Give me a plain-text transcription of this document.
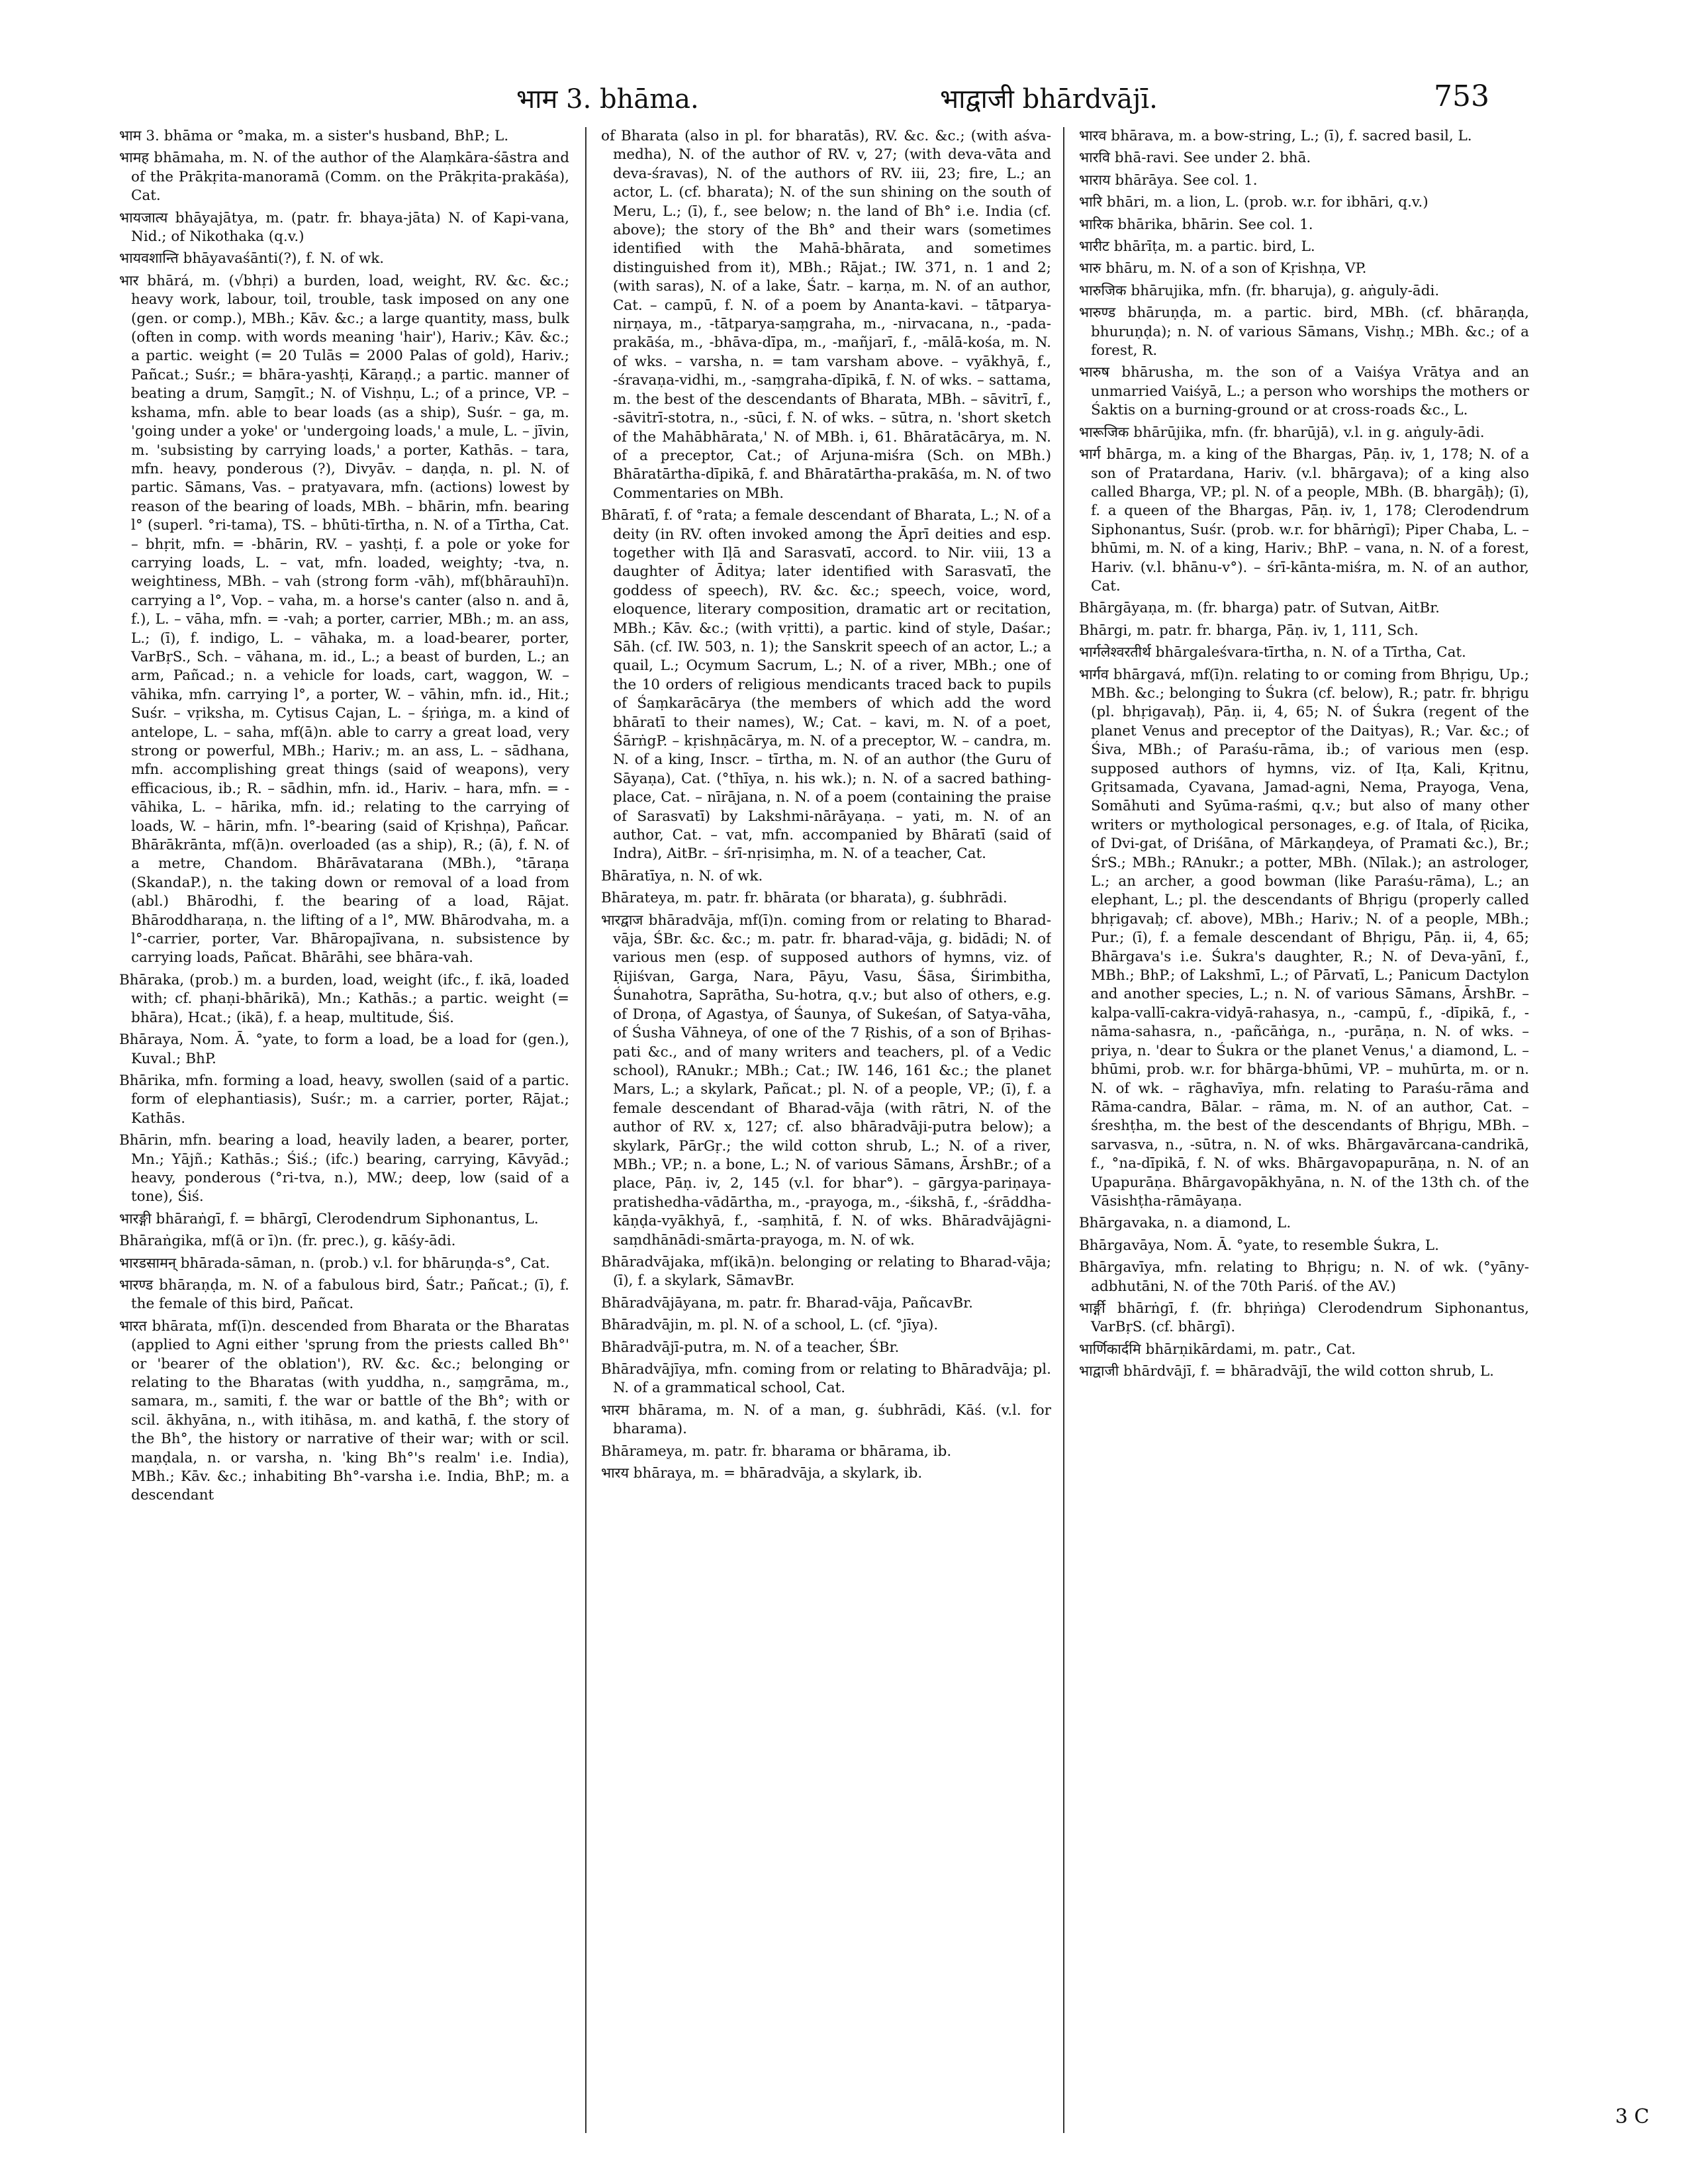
भाम 3. bhāma.	भाद्वाजी bhārdvājī.	753

भाम 3. bhāma or °maka, m. a sister's husband, BhP.; L.

भामह bhāmaha, m. N. of the author of the Alaṃkāra-śāstra and of the Prākṛita-manoramā (Comm. on the Prākṛita-prakāśa), Cat.

भायजात्य bhāyajātya, m. (patr. fr. bhaya-jāta) N. of Kapi-vana, Nid.; of Nikothaka (q.v.)

भायवशान्ति bhāyavaśānti(?), f. N. of wk.

भार bhārá, m. (√bhṛi) a burden, load, weight, RV. &c. &c.; heavy work, labour, toil, trouble, task imposed on any one (gen. or comp.), MBh.; Kāv. &c.; a large quantity, mass, bulk (often in comp. with words meaning 'hair'), Hariv.; Kāv. &c.; a partic. weight (= 20 Tulās = 2000 Palas of gold), Hariv.; Pañcat.; Suśr.; = bhāra-yashṭi, Kāraṇḍ.; a partic. manner of beating a drum, Saṃgīt.; N. of Vishṇu, L.; of a prince, VP. – kshama, mfn. able to bear loads (as a ship), Suśr. – ga, m. 'going under a yoke' or 'undergoing loads,' a mule, L. – jīvin, m. 'subsisting by carrying loads,' a porter, Kathās. – tara, mfn. heavy, ponderous (?), Divyāv. – daṇḍa, n. pl. N. of partic. Sāmans, Vas. – pratyavara, mfn. (actions) lowest by reason of the bearing of loads, MBh. – bhārin, mfn. bearing l° (superl. °ri-tama), TS. – bhūti-tīrtha, n. N. of a Tīrtha, Cat. – bhṛit, mfn. = -bhārin, RV. – yashṭi, f. a pole or yoke for carrying loads, L. – vat, mfn. loaded, weighty; -tva, n. weightiness, MBh. – vah (strong form -vāh), mf(bhārauhī)n. carrying a l°, Vop. – vaha, m. a horse's canter (also n. and ā, f.), L. – vāha, mfn. = -vah; a porter, carrier, MBh.; m. an ass, L.; (ī), f. indigo, L. – vāhaka, m. a load-bearer, porter, VarBṛS., Sch. – vāhana, m. id., L.; a beast of burden, L.; an arm, Pañcad.; n. a vehicle for loads, cart, waggon, W. – vāhika, mfn. carrying l°, a porter, W. – vāhin, mfn. id., Hit.; Suśr. – vṛiksha, m. Cytisus Cajan, L. – śṛiṅga, m. a kind of antelope, L. – saha, mf(ā)n. able to carry a great load, very strong or powerful, MBh.; Hariv.; m. an ass, L. – sādhana, mfn. accomplishing great things (said of weapons), very efficacious, ib.; R. – sādhin, mfn. id., Hariv. – hara, mfn. = -vāhika, L. – hārika, mfn. id.; relating to the carrying of loads, W. – hārin, mfn. l°-bearing (said of Kṛishṇa), Pañcar. Bhārākrānta, mf(ā)n. overloaded (as a ship), R.; (ā), f. N. of a metre, Chandom. Bhārāvatarana (MBh.), °tāraṇa (SkandaP.), n. the taking down or removal of a load from (abl.) Bhārodhi, f. the bearing of a load, Rājat. Bhāroddharaṇa, n. the lifting of a l°, MW. Bhārodvaha, m. a l°-carrier, porter, Var. Bhāropajīvana, n. subsistence by carrying loads, Pañcat. Bhārāhi, see bhāra-vah.

Bhāraka, (prob.) m. a burden, load, weight (ifc., f. ikā, loaded with; cf. phaṇi-bhārikā), Mn.; Kathās.; a partic. weight (= bhāra), Hcat.; (ikā), f. a heap, multitude, Śiś.

Bhāraya, Nom. Ā. °yate, to form a load, be a load for (gen.), Kuval.; BhP.

Bhārika, mfn. forming a load, heavy, swollen (said of a partic. form of elephantiasis), Suśr.; m. a carrier, porter, Rājat.; Kathās.

Bhārin, mfn. bearing a load, heavily laden, a bearer, porter, Mn.; Yājñ.; Kathās.; Śiś.; (ifc.) bearing, carrying, Kāvyād.; heavy, ponderous (°ri-tva, n.), MW.; deep, low (said of a tone), Śiś.

भारङ्गी bhāraṅgī, f. = bhārgī, Clerodendrum Siphonantus, L.

Bhāraṅgika, mf(ā or ī)n. (fr. prec.), g. kāśy-ādi.

भारडसामन् bhārada-sāman, n. (prob.) v.l. for bhāruṇḍa-s°, Cat.

भारण्ड bhāraṇḍa, m. N. of a fabulous bird, Śatr.; Pañcat.; (ī), f. the female of this bird, Pañcat.

भारत bhārata, mf(ī)n. descended from Bharata or the Bharatas (applied to Agni either 'sprung from the priests called Bh°' or 'bearer of the oblation'), RV. &c. &c.; belonging or relating to the Bharatas (with yuddha, n., saṃgrāma, m., samara, m., samiti, f. the war or battle of the Bh°; with or scil. ākhyāna, n., with itihāsa, m. and kathā, f. the story of the Bh°, the history or narrative of their war; with or scil. maṇḍala, n. or varsha, n. 'king Bh°'s realm' i.e. India), MBh.; Kāv. &c.; inhabiting Bh°-varsha i.e. India, BhP.; m. a descendant

of Bharata (also in pl. for bharatās), RV. &c. &c.; (with aśva-medha), N. of the author of RV. v, 27; (with deva-vāta and deva-śravas), N. of the authors of RV. iii, 23; fire, L.; an actor, L. (cf. bharata); N. of the sun shining on the south of Meru, L.; (ī), f., see below; n. the land of Bh° i.e. India (cf. above); the story of the Bh° and their wars (sometimes identified with the Mahā-bhārata, and sometimes distinguished from it), MBh.; Rājat.; IW. 371, n. 1 and 2; (with saras), N. of a lake, Śatr. – karṇa, m. N. of an author, Cat. – campū, f. N. of a poem by Ananta-kavi. – tātparya-nirṇaya, m., -tātparya-saṃgraha, m., -nirvacana, n., -pada-prakāśa, m., -bhāva-dīpa, m., -mañjarī, f., -mālā-kośa, m. N. of wks. – varsha, n. = tam varsham above. – vyākhyā, f., -śravaṇa-vidhi, m., -saṃgraha-dīpikā, f. N. of wks. – sattama, m. the best of the descendants of Bharata, MBh. – sāvitrī, f., -sāvitrī-stotra, n., -sūci, f. N. of wks. – sūtra, n. 'short sketch of the Mahābhārata,' N. of MBh. i, 61. Bhāratācārya, m. N. of a preceptor, Cat.; of Arjuna-miśra (Sch. on MBh.) Bhāratārtha-dīpikā, f. and Bhāratārtha-prakāśa, m. N. of two Commentaries on MBh.

Bhāratī, f. of °rata; a female descendant of Bharata, L.; N. of a deity (in RV. often invoked among the Āprī deities and esp. together with Iḷā and Sarasvatī, accord. to Nir. viii, 13 a daughter of Āditya; later identified with Sarasvatī, the goddess of speech), RV. &c. &c.; speech, voice, word, eloquence, literary composition, dramatic art or recitation, MBh.; Kāv. &c.; (with vṛitti), a partic. kind of style, Daśar.; Sāh. (cf. IW. 503, n. 1); the Sanskrit speech of an actor, L.; a quail, L.; Ocymum Sacrum, L.; N. of a river, MBh.; one of the 10 orders of religious mendicants traced back to pupils of Śaṃkarācārya (the members of which add the word bhāratī to their names), W.; Cat. – kavi, m. N. of a poet, ŚārṅgP. – kṛishṇācārya, m. N. of a preceptor, W. – candra, m. N. of a king, Inscr. – tīrtha, m. N. of an author (the Guru of Sāyaṇa), Cat. (°thīya, n. his wk.); n. N. of a sacred bathing-place, Cat. – nīrājana, n. N. of a poem (containing the praise of Sarasvatī) by Lakshmi-nārāyaṇa. – yati, m. N. of an author, Cat. – vat, mfn. accompanied by Bhāratī (said of Indra), AitBr. – śrī-nṛisiṃha, m. N. of a teacher, Cat.

Bhāratīya, n. N. of wk.

Bhārateya, m. patr. fr. bhārata (or bharata), g. śubhrādi.

भारद्वाज bhāradvāja, mf(ī)n. coming from or relating to Bharad-vāja, ŚBr. &c. &c.; m. patr. fr. bharad-vāja, g. bidādi; N. of various men (esp. of supposed authors of hymns, viz. of Ṛijiśvan, Garga, Nara, Pāyu, Vasu, Śāsa, Śirimbitha, Śunahotra, Saprātha, Su-hotra, q.v.; but also of others, e.g. of Droṇa, of Agastya, of Śaunya, of Sukeśan, of Satya-vāha, of Śusha Vāhneya, of one of the 7 Ṛishis, of a son of Bṛihas-pati &c., and of many writers and teachers, pl. of a Vedic school), RAnukr.; MBh.; Cat.; IW. 146, 161 &c.; the planet Mars, L.; a skylark, Pañcat.; pl. N. of a people, VP.; (ī), f. a female descendant of Bharad-vāja (with rātri, N. of the author of RV. x, 127; cf. also bhāradvāji-putra below); a skylark, PārGṛ.; the wild cotton shrub, L.; N. of a river, MBh.; VP.; n. a bone, L.; N. of various Sāmans, ĀrshBr.; of a place, Pāṇ. iv, 2, 145 (v.l. for bhar°). – gārgya-pariṇaya-pratishedha-vādārtha, m., -prayoga, m., -śikshā, f., -śrāddha-kāṇḍa-vyākhyā, f., -saṃhitā, f. N. of wks. Bhāradvājāgni-saṃdhānādi-smārta-prayoga, m. N. of wk.

Bhāradvājaka, mf(ikā)n. belonging or relating to Bharad-vāja; (ī), f. a skylark, SāmavBr.

Bhāradvājāyana, m. patr. fr. Bharad-vāja, PañcavBr.

Bhāradvājin, m. pl. N. of a school, L. (cf. °jīya).

Bhāradvājī-putra, m. N. of a teacher, ŚBr.

Bhāradvājīya, mfn. coming from or relating to Bhāradvāja; pl. N. of a grammatical school, Cat.

भारम bhārama, m. N. of a man, g. śubhrādi, Kāś. (v.l. for bharama).

Bhārameya, m. patr. fr. bharama or bhārama, ib.

भारय bhāraya, m. = bhāradvāja, a skylark, ib.

भारव bhārava, m. a bow-string, L.; (ī), f. sacred basil, L.

भारवि bhā-ravi. See under 2. bhā.

भाराय bhārāya. See col. 1.

भारि bhāri, m. a lion, L. (prob. w.r. for ibhāri, q.v.)

भारिक bhārika, bhārin. See col. 1.

भारीट bhārīṭa, m. a partic. bird, L.

भारु bhāru, m. N. of a son of Kṛishṇa, VP.

भारुजिक bhārujika, mfn. (fr. bharuja), g. aṅguly-ādi.

भारुण्ड bhāruṇḍa, m. a partic. bird, MBh. (cf. bhāraṇḍa, bhuruṇḍa); n. N. of various Sāmans, Vishṇ.; MBh. &c.; of a forest, R.

भारुष bhārusha, m. the son of a Vaiśya Vrātya and an unmarried Vaiśyā, L.; a person who worships the mothers or Śaktis on a burning-ground or at cross-roads &c., L.

भारूजिक bhārūjika, mfn. (fr. bharūjā), v.l. in g. aṅguly-ādi.

भार्ग bhārga, m. a king of the Bhargas, Pāṇ. iv, 1, 178; N. of a son of Pratardana, Hariv. (v.l. bhārgava); of a king also called Bharga, VP.; pl. N. of a people, MBh. (B. bhargāḥ); (ī), f. a queen of the Bhargas, Pāṇ. iv, 1, 178; Clerodendrum Siphonantus, Suśr. (prob. w.r. for bhārṅgī); Piper Chaba, L. – bhūmi, m. N. of a king, Hariv.; BhP. – vana, n. N. of a forest, Hariv. (v.l. bhānu-v°). – śrī-kānta-miśra, m. N. of an author, Cat.

Bhārgāyaṇa, m. (fr. bharga) patr. of Sutvan, AitBr.

Bhārgi, m. patr. fr. bharga, Pāṇ. iv, 1, 111, Sch.

भार्गलेश्वरतीर्थ bhārgaleśvara-tīrtha, n. N. of a Tīrtha, Cat.

भार्गव bhārgavá, mf(ī)n. relating to or coming from Bhṛigu, Up.; MBh. &c.; belonging to Śukra (cf. below), R.; patr. fr. bhṛigu (pl. bhṛigavaḥ), Pāṇ. ii, 4, 65; N. of Śukra (regent of the planet Venus and preceptor of the Daityas), R.; Var. &c.; of Śiva, MBh.; of Paraśu-rāma, ib.; of various men (esp. supposed authors of hymns, viz. of Iṭa, Kali, Kṛitnu, Gṛitsamada, Cyavana, Jamad-agni, Nema, Prayoga, Vena, Somāhuti and Syūma-raśmi, q.v.; but also of many other writers or mythological personages, e.g. of Itala, of Ṛicika, of Dvi-gat, of Driśāna, of Mārkaṇḍeya, of Pramati &c.), Br.; ŚrS.; MBh.; RAnukr.; a potter, MBh. (Nīlak.); an astrologer, L.; an archer, a good bowman (like Paraśu-rāma), L.; an elephant, L.; pl. the descendants of Bhṛigu (properly called bhṛigavaḥ; cf. above), MBh.; Hariv.; N. of a people, MBh.; Pur.; (ī), f. a female descendant of Bhṛigu, Pāṇ. ii, 4, 65; Bhārgava's i.e. Śukra's daughter, R.; N. of Deva-yānī, f., MBh.; BhP.; of Lakshmī, L.; of Pārvatī, L.; Panicum Dactylon and another species, L.; n. N. of various Sāmans, ĀrshBr. – kalpa-vallī-cakra-vidyā-rahasya, n., -campū, f., -dīpikā, f., -nāma-sahasra, n., -pañcāṅga, n., -purāṇa, n. N. of wks. – priya, n. 'dear to Śukra or the planet Venus,' a diamond, L. – bhūmi, prob. w.r. for bhārga-bhūmi, VP. – muhūrta, m. or n. N. of wk. – rāghavīya, mfn. relating to Paraśu-rāma and Rāma-candra, Bālar. – rāma, m. N. of an author, Cat. – śreshṭha, m. the best of the descendants of Bhṛigu, MBh. – sarvasva, n., -sūtra, n. N. of wks. Bhārgavārcana-candrikā, f., °na-dīpikā, f. N. of wks. Bhārgavopapurāṇa, n. N. of an Upapurāṇa. Bhārgavopākhyāna, n. N. of the 13th ch. of the Vāsishṭha-rāmāyaṇa.

Bhārgavaka, n. a diamond, L.

Bhārgavāya, Nom. Ā. °yate, to resemble Śukra, L.

Bhārgavīya, mfn. relating to Bhṛigu; n. N. of wk. (°yāny-adbhutāni, N. of the 70th Pariś. of the AV.)

भार्ङ्गी bhārṅgī, f. (fr. bhṛiṅga) Clerodendrum Siphonantus, VarBṛS. (cf. bhārgī).

भार्णिकार्दमि bhārṇikārdami, m. patr., Cat.

भाद्वाजी bhārdvājī, f. = bhāradvājī, the wild cotton shrub, L.

3 C
